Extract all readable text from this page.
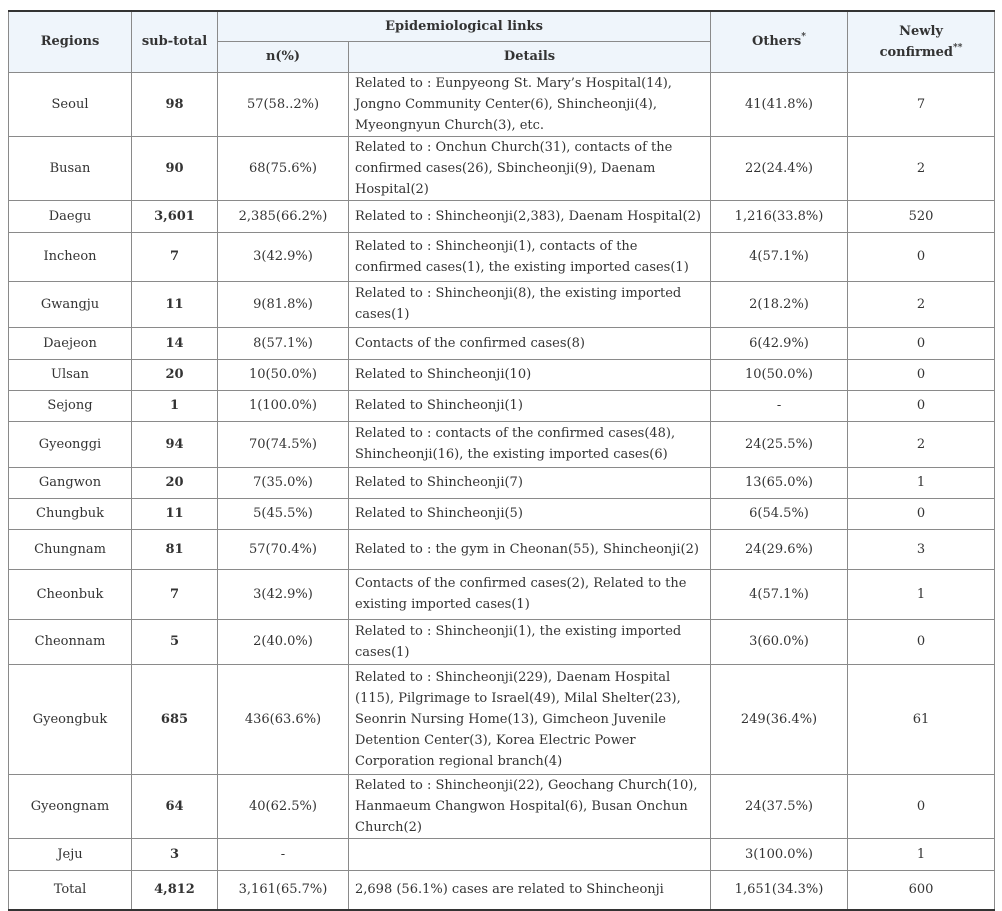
Regions	sub-total	Epidemiological links		Others*	Newly
confirmed**
		n(%)	Details		
Seoul	98	57(58..2%)	Related to : Eunpyeong St. Mary’s Hospital(14), Jongno Community Center(6), Shincheonji(4), Myeongnyun Church(3), etc.	41(41.8%)	7
Busan	90	68(75.6%)	Related to : Onchun Church(31), contacts of the confirmed cases(26), Sbincheonji(9), Daenam Hospital(2)	22(24.4%)	2
Daegu	3,601	2,385(66.2%)	Related to : Shincheonji(2,383), Daenam Hospital(2)	1,216(33.8%)	520
Incheon	7	3(42.9%)	Related to : Shincheonji(1), contacts of the confirmed cases(1), the existing imported cases(1)	4(57.1%)	0
Gwangju	11	9(81.8%)	Related to : Shincheonji(8), the existing imported cases(1)	2(18.2%)	2
Daejeon	14	8(57.1%)	Contacts of the confirmed cases(8)	6(42.9%)	0
Ulsan	20	10(50.0%)	Related to Shincheonji(10)	10(50.0%)	0
Sejong	1	1(100.0%)	Related to Shincheonji(1)	-	0
Gyeonggi	94	70(74.5%)	Related to : contacts of the confirmed cases(48), Shincheonji(16), the existing imported cases(6)	24(25.5%)	2
Gangwon	20	7(35.0%)	Related to Shincheonji(7)	13(65.0%)	1
Chungbuk	11	5(45.5%)	Related to Shincheonji(5)	6(54.5%)	0
Chungnam	81	57(70.4%)	Related to : the gym in Cheonan(55), Shincheonji(2)	24(29.6%)	3
Cheonbuk	7	3(42.9%)	Contacts of the confirmed cases(2), Related to the existing imported cases(1)	4(57.1%)	1
Cheonnam	5	2(40.0%)	Related to : Shincheonji(1), the existing imported cases(1)	3(60.0%)	0
Gyeongbuk	685	436(63.6%)	Related to : Shincheonji(229), Daenam Hospital (115), Pilgrimage to Israel(49), Milal Shelter(23), Seonrin Nursing Home(13), Gimcheon Juvenile Detention Center(3), Korea Electric Power Corporation regional branch(4)	249(36.4%)	61
Gyeongnam	64	40(62.5%)	Related to : Shincheonji(22), Geochang Church(10), Hanmaeum Changwon Hospital(6), Busan Onchun Church(2)	24(37.5%)	0
Jeju	3	-		3(100.0%)	1
Total	4,812	3,161(65.7%)	2,698 (56.1%) cases are related to Shincheonji	1,651(34.3%)	600
